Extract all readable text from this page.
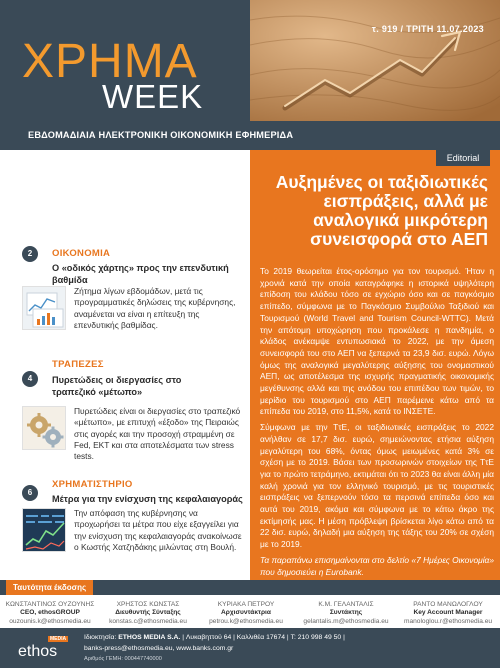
ΧΡΗΜΑ
WEEK
τ. 919 / ΤΡΙΤΗ 11.07.2023
ΕΒΔΟΜΑΔΙΑΙΑ ΗΛΕΚΤΡΟΝΙΚΗ ΟΙΚΟΝΟΜΙΚΗ ΕΦΗΜΕΡΙΔΑ
2	ΟΙΚΟΝΟΜΙΑ
Ο «οδικός χάρτης» προς την επενδυτική βαθμίδα
Ζήτημα λίγων εβδομάδων, μετά τις προγραμματικές δηλώσεις της κυβέρνησης, αναμένεται να είναι η επίτευξη της επενδυτικής βαθμίδας.
4
ΤΡΑΠΕΖΕΣ
Πυρετώδεις οι διεργασίες στο τραπεζικό «μέτωπο»
Πυρετώδεις είναι οι διεργασίες στο τραπεζικό «μέτωπο», με επιτυχή «έξοδο» της Πειραιώς στις αγορές και την προσοχή στραμμένη σε Fed, ΕΚΤ και στα αποτελέσματα των stress tests.
6
ΧΡΗΜΑΤΙΣΤΗΡΙΟ
Μέτρα για την ενίσχυση της κεφαλαιαγοράς
Την απόφαση της κυβέρνησης να προχωρήσει τα μέτρα που είχε εξαγγείλει για την ενίσχυση της κεφαλαιαγοράς ανακοίνωσε ο Κωστής Χατζηδάκης μιλώντας στη Βουλή.
Editorial
Αυξημένες οι ταξιδιωτικές εισπράξεις, αλλά με αναλογικά μικρότερη συνεισφορά στο ΑΕΠ

Το 2019 θεωρείται έτος-ορόσημο για τον τουρισμό. Ήταν η χρονιά κατά την οποία καταγράφηκε η ιστορικά υψηλότερη επίδοση του κλάδου τόσο σε εγχώριο όσο και σε παγκόσμιο επίπεδο, σύμφωνα με το Παγκόσμιο Συμβούλιο Ταξιδιού και Τουρισμού (World Travel and Tourism Council-WTTC). Μετά την απότομη υποχώρηση που προκάλεσε η πανδημία, ο κλάδος ανέκαμψε εντυπωσιακά το 2022, με την άμεση συνεισφορά του στο ΑΕΠ να ξεπερνά τα 23,9 δισ. ευρώ. Λόγω όμως της αναλογικά μεγαλύτερης αύξησης του ονομαστικού ΑΕΠ, ως αποτέλεσμα της ισχυρής πραγματικής οικονομικής μεγέθυνσης αλλά και της ανόδου του επιπέδου των τιμών, το μερίδιο του τουρισμού στο ΑΕΠ παρέμεινε κάτω από τα επίπεδα του 2019, στο 11,5%, κατά το ΙΝΣΕΤΕ.

Σύμφωνα με την ΤτΕ, οι ταξιδιωτικές εισπράξεις το 2022 ανήλθαν σε 17,7 δισ. ευρώ, σημειώνοντας ετήσια αύξηση μεγαλύτερη του 68%, όντας όμως μειωμένες κατά 3% σε σχέση με το 2019. Βάσει των προσωρινών στοιχείων της ΤτΕ για το πρώτο τετράμηνο, εκτιμάται ότι το 2023 θα είναι άλλη μία καλή χρονιά για τον ελληνικό τουρισμό, με τις τουριστικές εισπράξεις να ξεπερνούν τόσο τα περσινά επίπεδα όσο και αυτά του 2019, ακόμα και σύμφωνα με το κάτω άκρο της εκτίμησής μας. Η μέση πρόβλεψη βρίσκεται λίγο κάτω από τα 22 δισ. ευρώ, δηλαδή μια αύξηση της τάξης του 20% σε σχέση με το 2019.

Τα παραπάνω επισημαίνονται στο δελτίο «7 Ημέρες Οικονομία» που δημοσιεύει η Eurobank.

Ταυτότητα έκδοσης
ΚΩΝΣΤΑΝΤΙΝΟΣ ΟΥΖΟΥΝΗΣ
CEO, ethosGROUP
ouzounis.k@ethosmedia.eu
ΧΡΗΣΤΟΣ ΚΩΝΣΤΑΣ
Διευθυντής Σύνταξης
konstas.c@ethosmedia.eu
ΚΥΡΙΑΚΑ ΠΕΤΡΟΥ
Αρχισυντάκτρια
petrou.k@ethosmedia.eu
Κ.Μ. ΓΕΛΑΝΤΑΛΙΣ
Συντάκτης
gelantalis.m@ethosmedia.eu
ΡΑΝΤΟ ΜΑΝΩΛΟΓΛΟΥ
Key Account Manager
manologlou.r@ethosmedia.eu
ethos
MEDIA	Ιδιοκτησία: ETHOS MEDIA S.A. | Λυκαβηττού 64 | Καλλιθέα 17674 | T: 210 998 49 50 |
banks-press@ethosmedia.eu, www.banks.com.gr
Αριθμός ΓΕΜΗ: 000447740000
